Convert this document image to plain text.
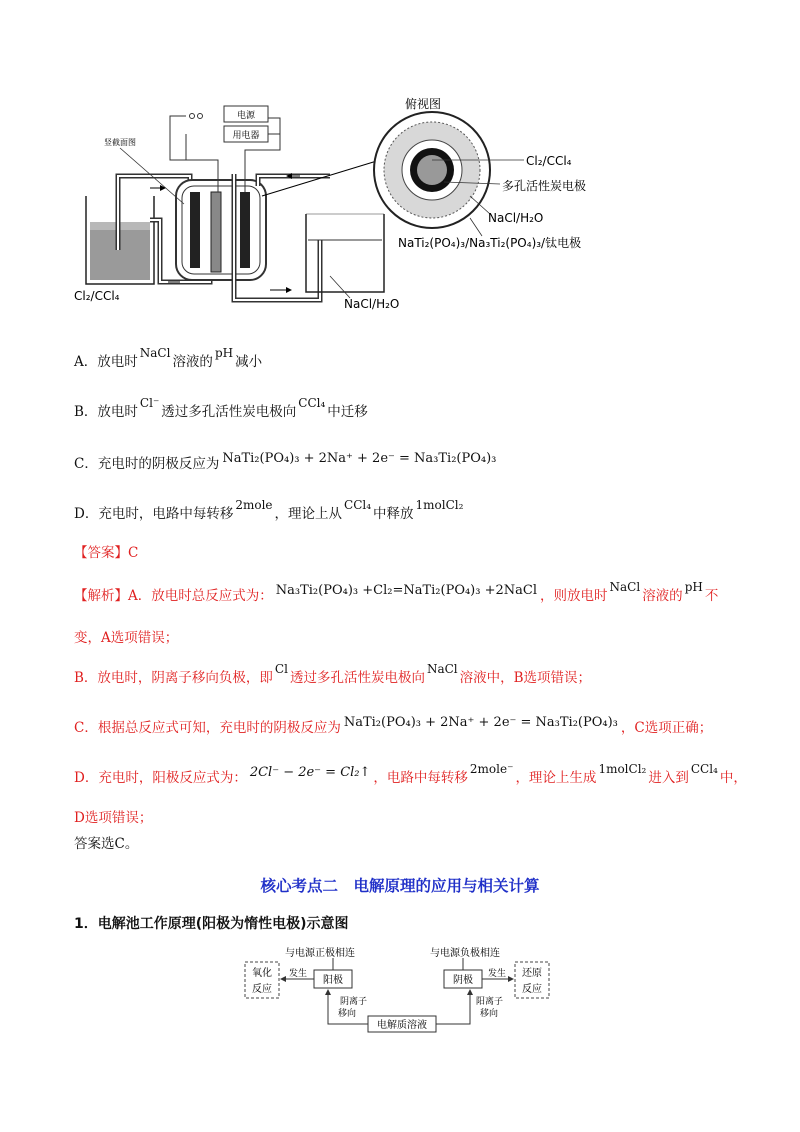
电源
用电器
竖截面图
俯视图
Cl₂/CCl₄
多孔活性炭电极
NaCl/H₂O
NaTi₂(PO₄)₃/Na₃Ti₂(PO₄)₃/钛电极
Cl₂/CCl₄
NaCl/H₂O
A．放电时NaCl溶液的pH减小
B．放电时Cl⁻透过多孔活性炭电极向CCl₄中迁移
C．充电时的阴极反应为 NaTi₂(PO₄)₃ + 2Na⁺ + 2e⁻ = Na₃Ti₂(PO₄)₃
D．充电时，电路中每转移2mole，理论上从CCl₄中释放1molCl₂
【答案】C
【解析】A．放电时总反应式为： Na₃Ti₂(PO₄)₃ +Cl₂=NaTi₂(PO₄)₃ +2NaCl ，则放电时NaCl溶液的pH不
变，A选项错误；
B．放电时，阴离子移向负极，即Cl透过多孔活性炭电极向NaCl溶液中，B选项错误；
C．根据总反应式可知，充电时的阴极反应为 NaTi₂(PO₄)₃ + 2Na⁺ + 2e⁻ = Na₃Ti₂(PO₄)₃ ，C选项正确；
D．充电时，阳极反应式为： 2Cl⁻ − 2e⁻ = Cl₂↑ ，电路中每转移2mole⁻，理论上生成1molCl₂进入到CCl₄中，
D选项错误；
答案选C。
核心考点二　电解原理的应用与相关计算
1．电解池工作原理(阳极为惰性电极)示意图
氧化
反应
还原
反应
阳极	阴极
电解质溶液
与电源正极相连	与电源负极相连
发生	发生
阴离子
移向
阳离子
移向
